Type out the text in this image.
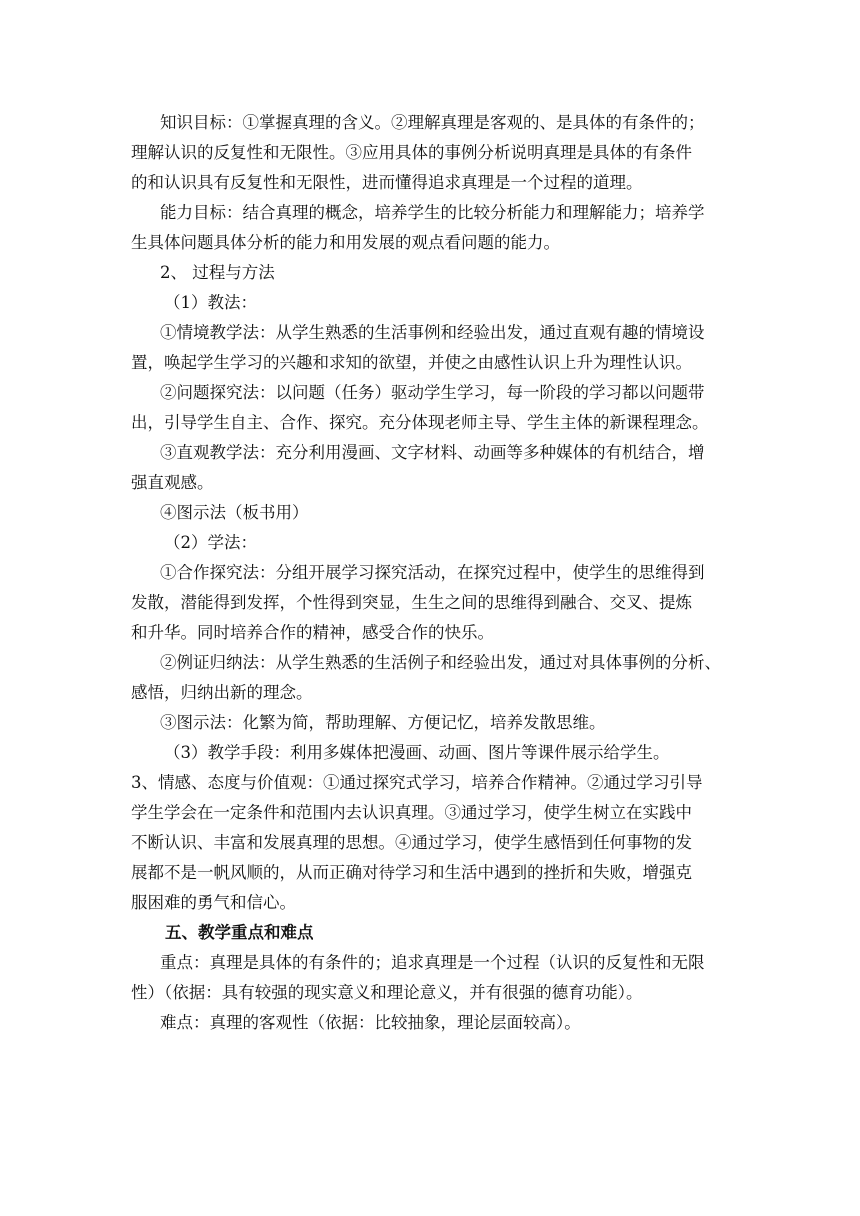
知识目标：①掌握真理的含义。②理解真理是客观的、是具体的有条件的；
理解认识的反复性和无限性。③应用具体的事例分析说明真理是具体的有条件
的和认识具有反复性和无限性，进而懂得追求真理是一个过程的道理。
能力目标：结合真理的概念，培养学生的比较分析能力和理解能力；培养学
生具体问题具体分析的能力和用发展的观点看问题的能力。
2、 过程与方法
（1）教法：
①情境教学法：从学生熟悉的生活事例和经验出发，通过直观有趣的情境设
置，唤起学生学习的兴趣和求知的欲望，并使之由感性认识上升为理性认识。
②问题探究法：以问题（任务）驱动学生学习，每一阶段的学习都以问题带
出，引导学生自主、合作、探究。充分体现老师主导、学生主体的新课程理念。
③直观教学法：充分利用漫画、文字材料、动画等多种媒体的有机结合，增
强直观感。
④图示法（板书用）
（2）学法：
①合作探究法：分组开展学习探究活动，在探究过程中，使学生的思维得到
发散，潜能得到发挥，个性得到突显，生生之间的思维得到融合、交叉、提炼
和升华。同时培养合作的精神，感受合作的快乐。
②例证归纳法：从学生熟悉的生活例子和经验出发，通过对具体事例的分析、
感悟，归纳出新的理念。
③图示法：化繁为简，帮助理解、方便记忆，培养发散思维。
（3）教学手段：利用多媒体把漫画、动画、图片等课件展示给学生。
3、情感、态度与价值观：①通过探究式学习，培养合作精神。②通过学习引导
学生学会在一定条件和范围内去认识真理。③通过学习，使学生树立在实践中
不断认识、丰富和发展真理的思想。④通过学习，使学生感悟到任何事物的发
展都不是一帆风顺的，从而正确对待学习和生活中遇到的挫折和失败，增强克
服困难的勇气和信心。
五、教学重点和难点
重点：真理是具体的有条件的；追求真理是一个过程（认识的反复性和无限
性）（依据：具有较强的现实意义和理论意义，并有很强的德育功能）。
难点：真理的客观性（依据：比较抽象，理论层面较高）。
